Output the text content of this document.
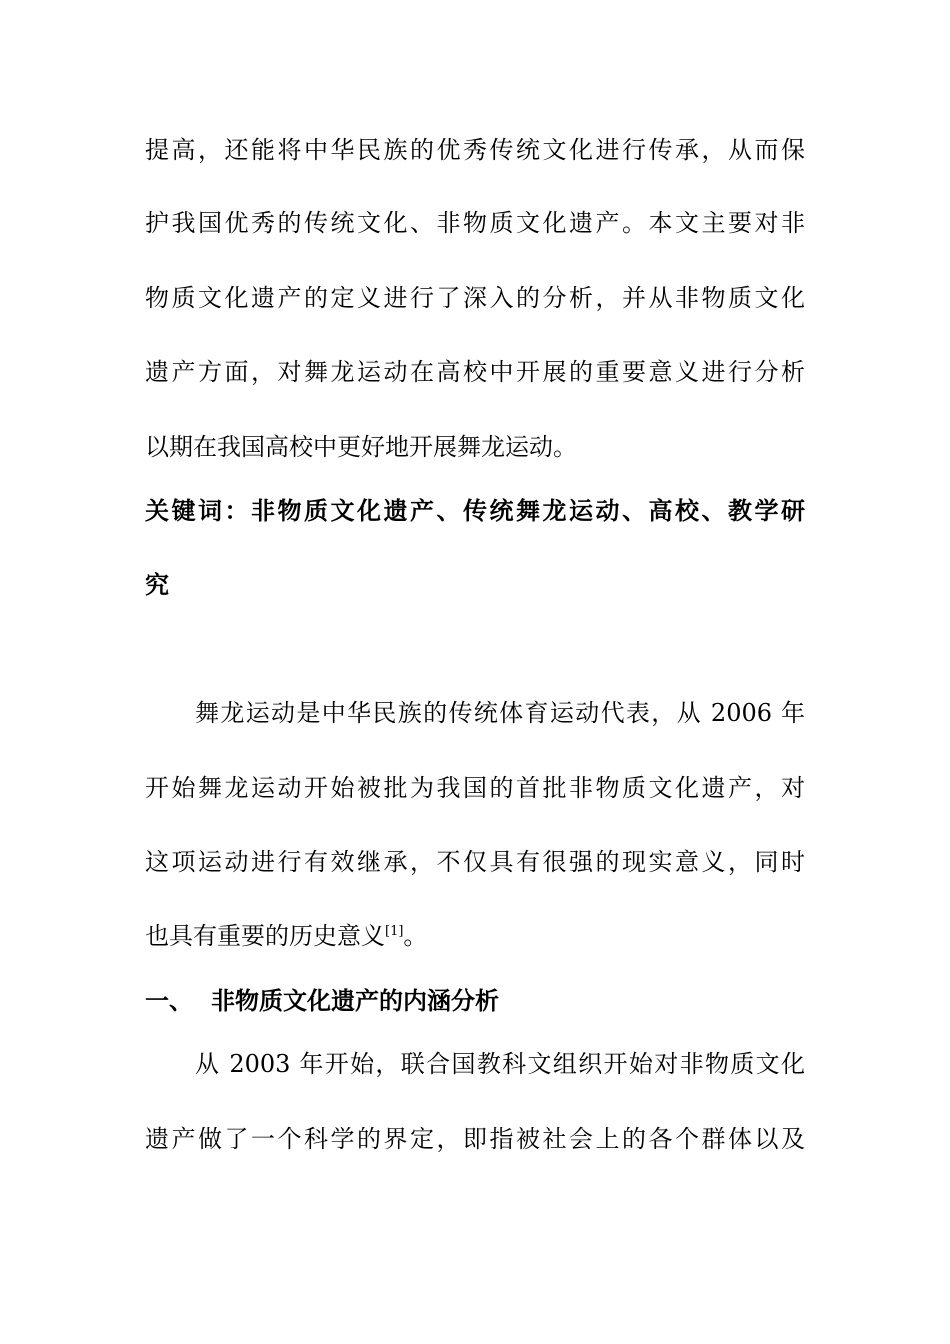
提高，还能将中华民族的优秀传统文化进行传承，从而保
护我国优秀的传统文化、非物质文化遗产。本文主要对非
物质文化遗产的定义进行了深入的分析，并从非物质文化
遗产方面，对舞龙运动在高校中开展的重要意义进行分析
以期在我国高校中更好地开展舞龙运动。
关键词：非物质文化遗产、传统舞龙运动、高校、教学研
究
舞龙运动是中华民族的传统体育运动代表，从 2006 年
开始舞龙运动开始被批为我国的首批非物质文化遗产，对
这项运动进行有效继承，不仅具有很强的现实意义，同时
也具有重要的历史意义[1]。
一、 非物质文化遗产的内涵分析
从 2003 年开始，联合国教科文组织开始对非物质文化
遗产做了一个科学的界定，即指被社会上的各个群体以及
